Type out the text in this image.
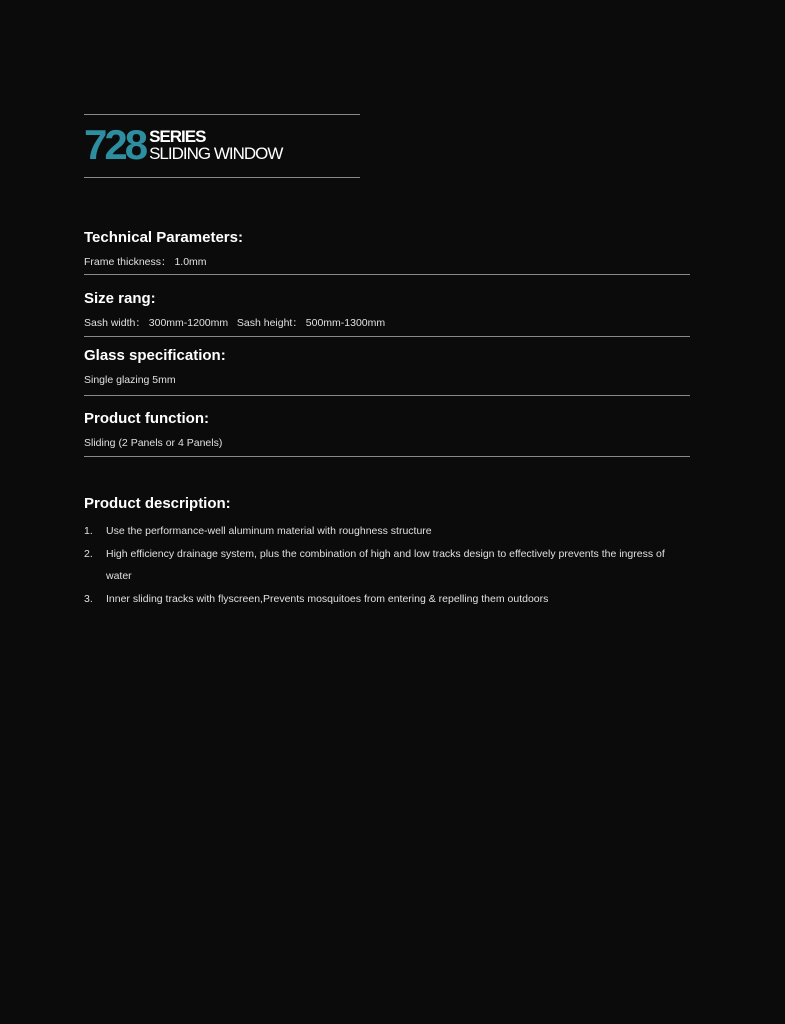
728 SERIES
SLIDING WINDOW
Technical Parameters:
Frame thickness： 1.0mm
Size rang:
Sash width： 300mm-1200mm   Sash height： 500mm-1300mm
Glass specification:
Single glazing 5mm
Product function:
Sliding (2 Panels or 4 Panels)
Product description:
1.	Use the performance-well aluminum material with roughness structure
2.	High efficiency drainage system, plus the combination of high and low tracks design to effectively prevents the ingress of water
3.	Inner sliding tracks with flyscreen,Prevents mosquitoes from entering & repelling them outdoors
